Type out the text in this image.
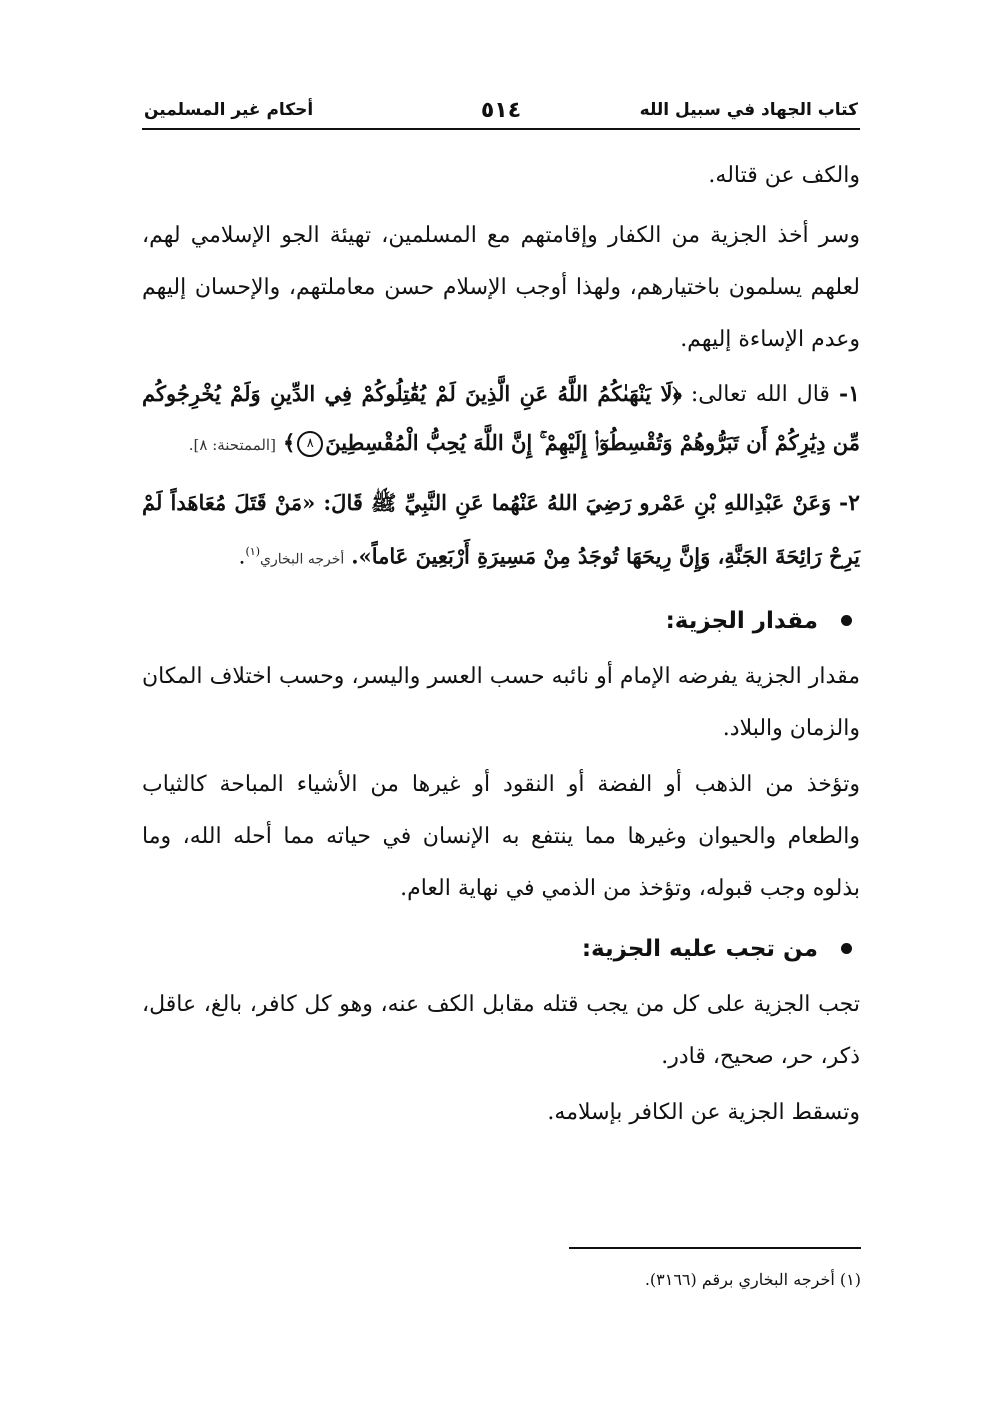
كتاب الجهاد في سبيل الله
٥١٤
أحكام غير المسلمين

والكف عن قتاله.

وسر أخذ الجزية من الكفار وإقامتهم مع المسلمين، تهيئة الجو الإسلامي لهم، لعلهم يسلمون باختيارهم، ولهذا أوجب الإسلام حسن معاملتهم، والإحسان إليهم وعدم الإساءة إليهم.

١- قال الله تعالى: ﴿لَا يَنْهَىٰكُمُ اللَّهُ عَنِ الَّذِينَ لَمْ يُقَٰتِلُوكُمْ فِي الدِّينِ وَلَمْ يُخْرِجُوكُم مِّن دِيَٰرِكُمْ أَن تَبَرُّوهُمْ وَتُقْسِطُوٓا۟ إِلَيْهِمْ ۚ إِنَّ اللَّهَ يُحِبُّ الْمُقْسِطِينَ٨﴾ [الممتحنة: ٨].

٢- وَعَنْ عَبْدِاللهِ بْنِ عَمْرو رَضِيَ اللهُ عَنْهُما عَنِ النَّبِيِّ ﷺ قَالَ: «مَنْ قَتَلَ مُعَاهَداً لَمْ يَرِحْ رَائِحَةَ الجَنَّةِ، وَإِنَّ رِيحَهَا تُوجَدُ مِنْ مَسِيرَةِ أَرْبَعِينَ عَاماً». أخرجه البخاري$^{(١)}$.

مقدار الجزية:

مقدار الجزية يفرضه الإمام أو نائبه حسب العسر واليسر، وحسب اختلاف المكان والزمان والبلاد.

وتؤخذ من الذهب أو الفضة أو النقود أو غيرها من الأشياء المباحة كالثياب والطعام والحيوان وغيرها مما ينتفع به الإنسان في حياته مما أحله الله، وما بذلوه وجب قبوله، وتؤخذ من الذمي في نهاية العام.

من تجب عليه الجزية:

تجب الجزية على كل من يجب قتله مقابل الكف عنه، وهو كل كافر، بالغ، عاقل، ذكر، حر، صحيح، قادر.

وتسقط الجزية عن الكافر بإسلامه.

(١) أخرجه البخاري برقم (٣١٦٦).
